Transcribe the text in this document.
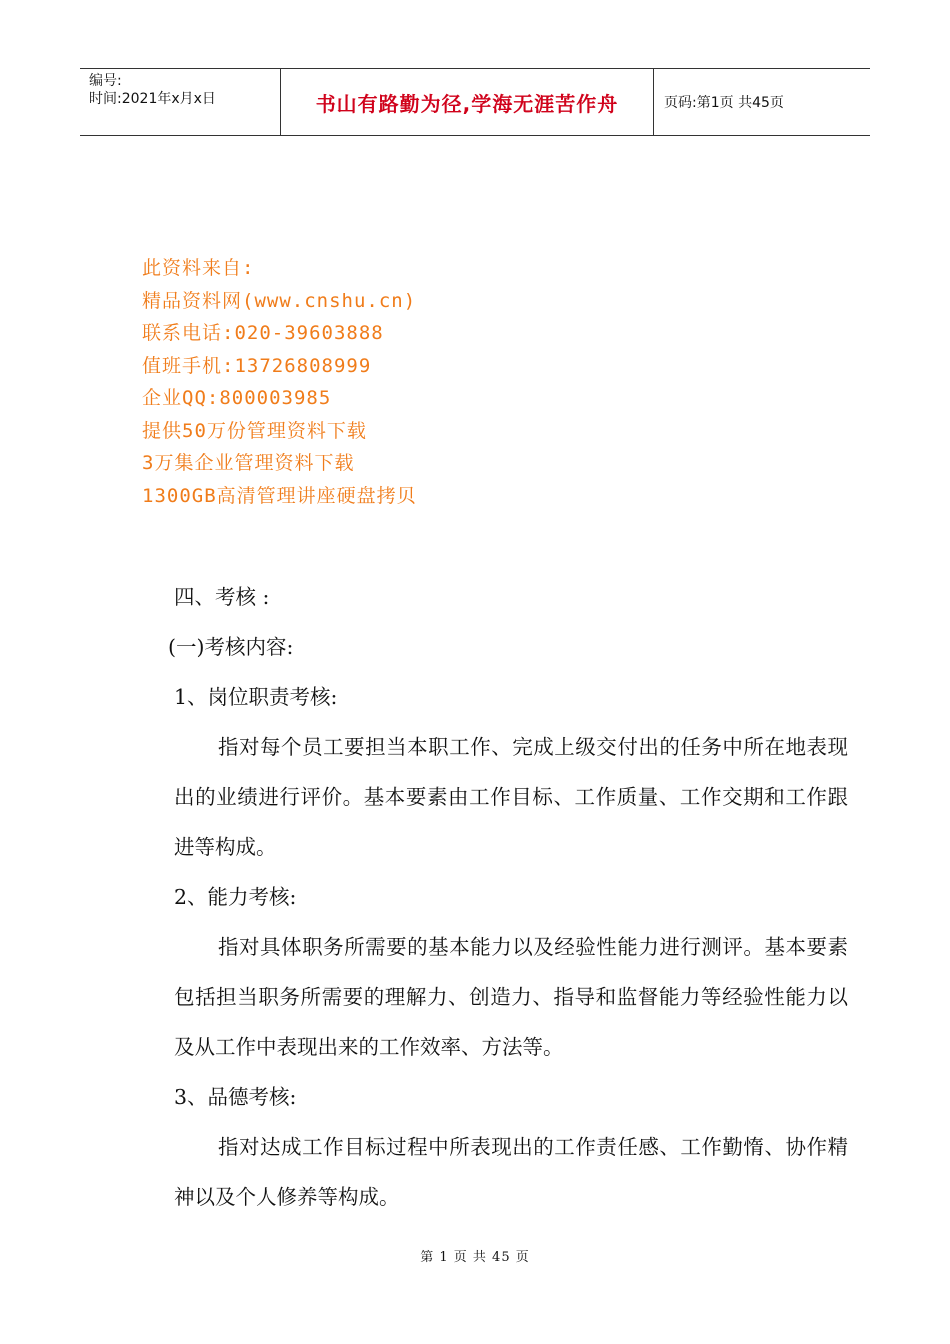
编号:
时间:2021年x月x日	书山有路勤为径,学海无涯苦作舟	页码:第1页 共45页
此资料来自:
精品资料网(www.cnshu.cn)
联系电话:020-39603888
值班手机:13726808999
企业QQ:800003985
提供50万份管理资料下载
3万集企业管理资料下载
1300GB高清管理讲座硬盘拷贝

四、考核 :

(一)考核内容:

1、岗位职责考核:

指对每个员工要担当本职工作、完成上级交付出的任务中所在地表现出的业绩进行评价。基本要素由工作目标、工作质量、工作交期和工作跟进等构成。

2、能力考核:

指对具体职务所需要的基本能力以及经验性能力进行测评。基本要素包括担当职务所需要的理解力、创造力、指导和监督能力等经验性能力以及从工作中表现出来的工作效率、方法等。

3、品德考核:

指对达成工作目标过程中所表现出的工作责任感、工作勤惰、协作精神以及个人修养等构成。

第 1 页 共 45 页
